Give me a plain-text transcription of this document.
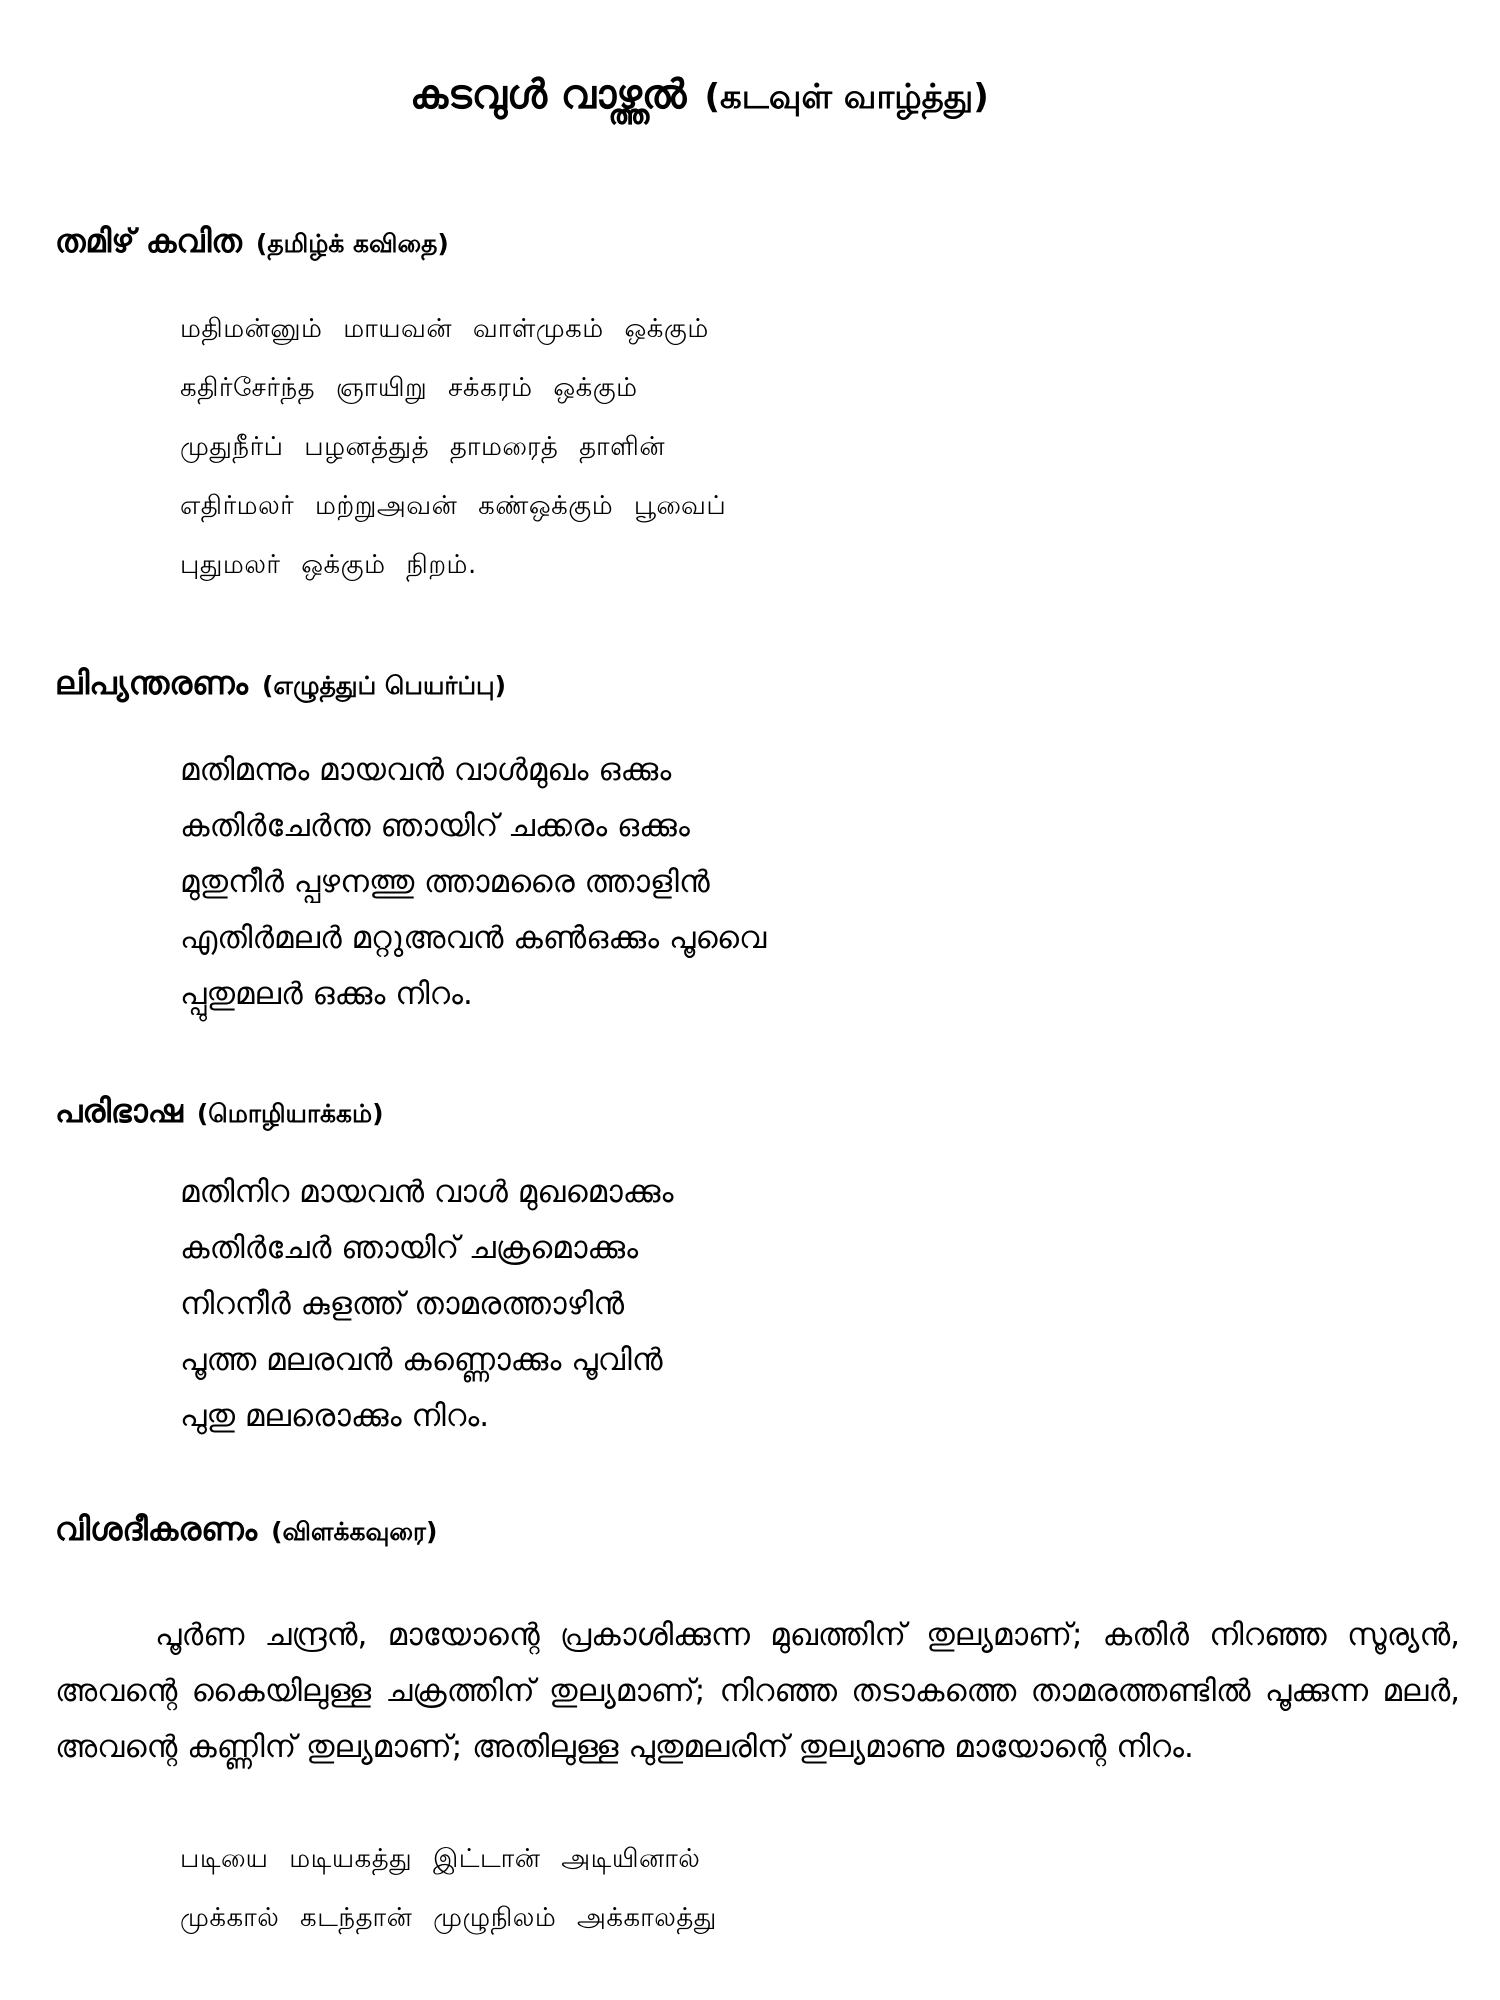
കടവുൾ വാഴ്ത്തൽ (கடவுள் வாழ்த்து)
തമിഴ് കവിത (தமிழ்க் கவிதை)
மதிமன்னும் மாயவன் வாள்முகம் ஒக்கும்
கதிர்சேர்ந்த ஞாயிறு சக்கரம் ஒக்கும்
முதுநீர்ப் பழனத்துத் தாமரைத் தாளின்
எதிர்மலர் மற்றுஅவன் கண்ஒக்கும் பூவைப்
புதுமலர் ஒக்கும் நிறம்.
ലിപ്യന്തരണം (எழுத்துப் பெயர்ப்பு)
മതിമന്നും മായവൻ വാൾമുഖം ഒക്കും
കതിർചേർന്ത ഞായിറ് ചക്കരം ഒക്കും
മുതുനീർ പ്പഴനത്തു ത്താമരൈ ത്താളിൻ
എതിർമലർ മറ്റുഅവൻ കൺഒക്കും പൂവൈ
പ്പുതുമലർ ഒക്കും നിറം.
പരിഭാഷ (மொழியாக்கம்)
മതിനിറ മായവൻ വാൾ മുഖമൊക്കും
കതിർചേർ ഞായിറ് ചക്രമൊക്കും
നിറനീർ കുളത്ത് താമരത്താഴിൻ
പൂത്ത മലരവൻ കണ്ണൊക്കും പൂവിൻ
പുതു മലരൊക്കും നിറം.
വിശദീകരണം (விளக்கவுரை)

പൂർണ ചന്ദ്രൻ, മായോന്റെ പ്രകാശിക്കുന്ന മുഖത്തിന് തുല്യമാണ്; കതിർ നിറഞ്ഞ സൂര്യൻ, അവന്റെ കൈയിലുള്ള ചക്രത്തിന് തുല്യമാണ്; നിറഞ്ഞ തടാകത്തെ താമരത്തണ്ടിൽ പൂക്കുന്ന മലർ, അവന്റെ കണ്ണിന് തുല്യമാണ്; അതിലുള്ള പുതുമലരിന് തുല്യമാണു മായോന്റെ നിറം.

படியை மடியகத்து இட்டான் அடியினால்
முக்கால் கடந்தான் முழுநிலம் அக்காலத்து
